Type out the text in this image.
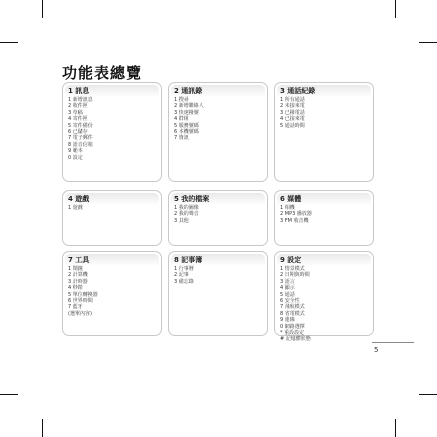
功能表總覽
1 訊息
1 新增訊息
2 收件匣
3 草稿
4 寄件匣
5 寄件備份
6 已儲存
7 電子郵件
8 語音信箱
9 範本
0 設定
2 通訊錄
1 搜尋
2 新增聯絡人
3 快速撥號
4 群組
5 服務號碼
6 本機號碼
7 資訊
3 通話紀錄
1 所有通話
2 未接來電
3 已撥電話
4 已接來電
5 通話時間
4 遊戲
1 遊戲
5 我的檔案
1 我的圖像
2 我的聲音
3 其他
6 媒體
1 相機
2 MP3 播放器
3 FM 收音機
7 工具
1 鬧鐘
2 計算機
3 計時器
4 秒錶
5 單位轉換器
6 世界時間
7 藍牙
(選單內容)
8 記事簿
1 行事曆
2 記事
3 備忘錄
9 設定
1 情景模式
2 日期與時間
3 語言
4 顯示
5 通話
6 安全性
7 飛航模式
8 省電模式
9 連線
0 網路選擇
* 重設設定
# 記憶體狀態
5
